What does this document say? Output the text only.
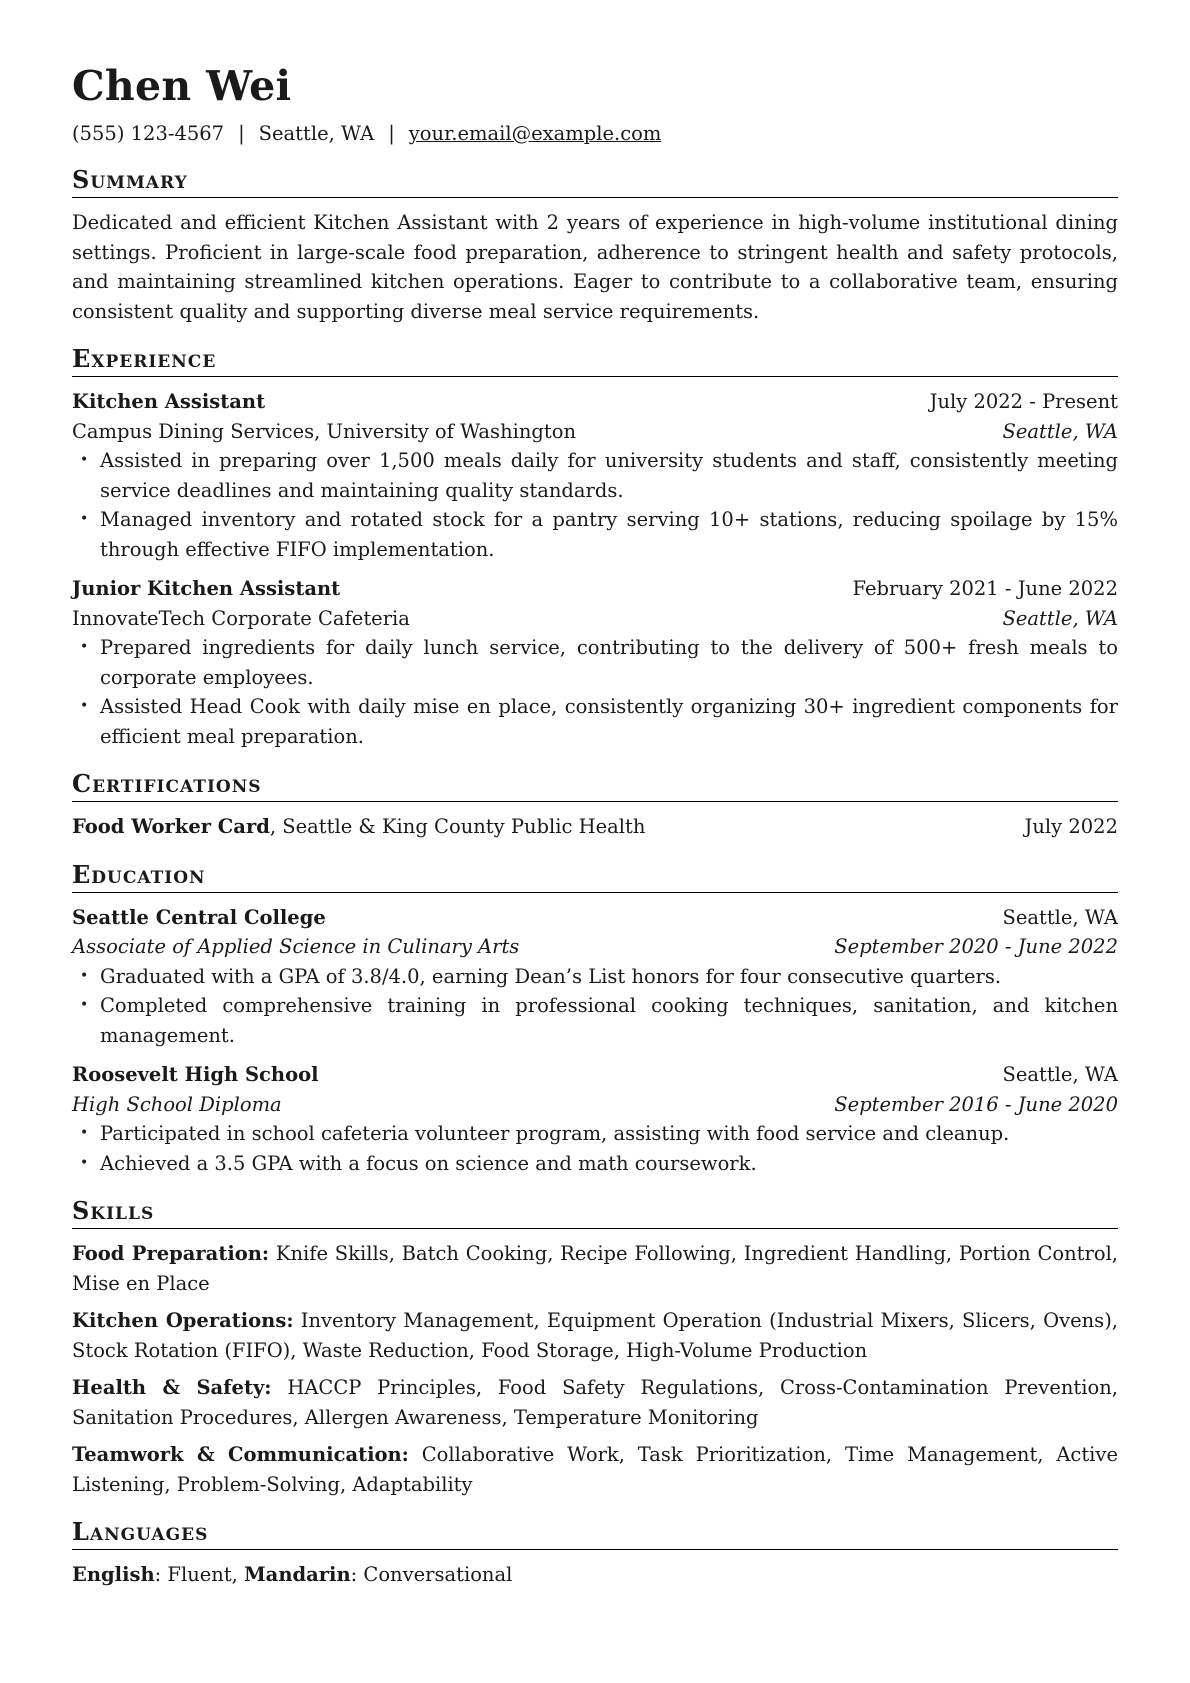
Chen Wei
(555) 123-4567 | Seattle, WA | your.email@example.com
Summary

Dedicated and efficient Kitchen Assistant with 2 years of experience in high-volume institutional dining settings. Proficient in large-scale food preparation, adherence to stringent health and safety protocols, and maintaining streamlined kitchen operations. Eager to contribute to a collaborative team, ensuring consistent quality and supporting diverse meal service requirements.

Experience
Kitchen Assistant	July 2022 - Present
Campus Dining Services, University of Washington	Seattle, WA
• Assisted in preparing over 1,500 meals daily for university students and staff, consistently meeting service deadlines and maintaining quality standards.
• Managed inventory and rotated stock for a pantry serving 10+ stations, reducing spoilage by 15% through effective FIFO implementation.
Junior Kitchen Assistant	February 2021 - June 2022
InnovateTech Corporate Cafeteria	Seattle, WA
• Prepared ingredients for daily lunch service, contributing to the delivery of 500+ fresh meals to corporate employees.
• Assisted Head Cook with daily mise en place, consistently organizing 30+ ingredient components for efficient meal preparation.
Certifications
Food Worker Card, Seattle & King County Public Health	July 2022
Education
Seattle Central College	Seattle, WA
Associate of Applied Science in Culinary Arts	September 2020 - June 2022
• Graduated with a GPA of 3.8/4.0, earning Dean’s List honors for four consecutive quarters.
• Completed comprehensive training in professional cooking techniques, sanitation, and kitchen management.
Roosevelt High School	Seattle, WA
High School Diploma	September 2016 - June 2020
• Participated in school cafeteria volunteer program, assisting with food service and cleanup.
• Achieved a 3.5 GPA with a focus on science and math coursework.
Skills
Food Preparation: Knife Skills, Batch Cooking, Recipe Following, Ingredient Handling, Portion Control, Mise en Place
Kitchen Operations: Inventory Management, Equipment Operation (Industrial Mixers, Slicers, Ovens), Stock Rotation (FIFO), Waste Reduction, Food Storage, High-Volume Production
Health & Safety: HACCP Principles, Food Safety Regulations, Cross-Contamination Prevention, Sanitation Procedures, Allergen Awareness, Temperature Monitoring
Teamwork & Communication: Collaborative Work, Task Prioritization, Time Management, Active Listening, Problem-Solving, Adaptability
Languages
English: Fluent, Mandarin: Conversational
